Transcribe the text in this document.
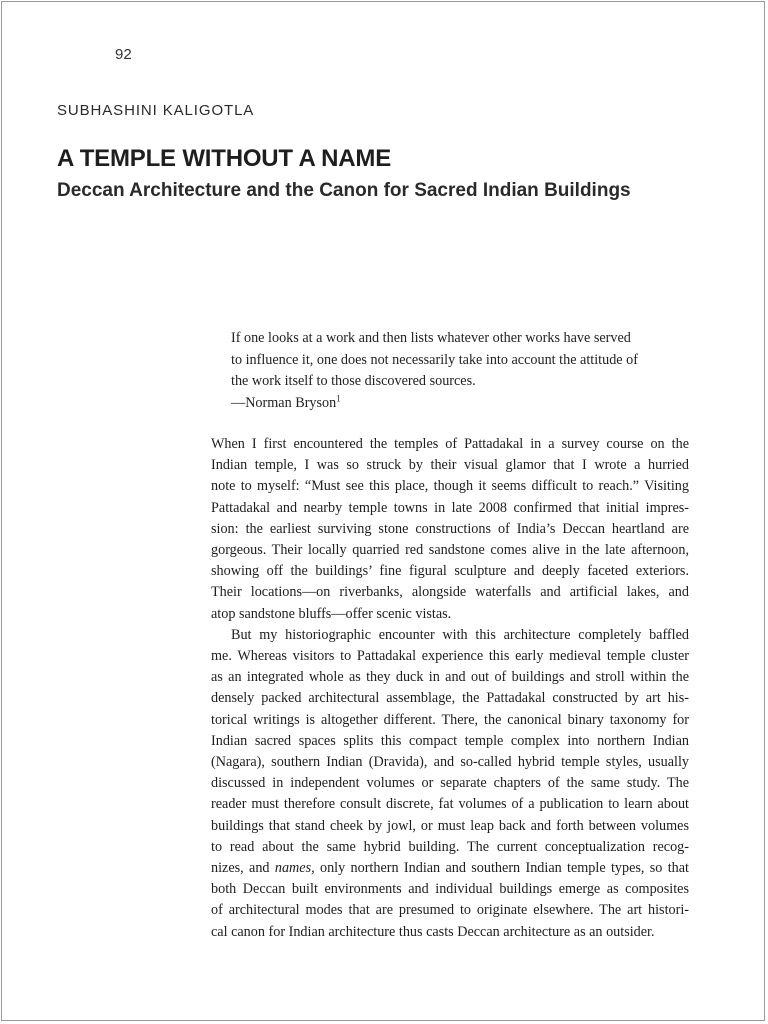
92
SUBHASHINI KALIGOTLA
A TEMPLE WITHOUT A NAME
Deccan Architecture and the Canon for Sacred Indian Buildings
If one looks at a work and then lists whatever other works have served
to influence it, one does not necessarily take into account the attitude of
the work itself to those discovered sources.
—Norman Bryson$^1$
When I first encountered the temples of Pattadakal in a survey course on the
Indian temple, I was so struck by their visual glamor that I wrote a hurried
note to myself: “Must see this place, though it seems difficult to reach.” Visiting
Pattadakal and nearby temple towns in late 2008 confirmed that initial impres-
sion: the earliest surviving stone constructions of India’s Deccan heartland are
gorgeous. Their locally quarried red sandstone comes alive in the late afternoon,
showing off the buildings’ fine figural sculpture and deeply faceted exteriors.
Their locations—on riverbanks, alongside waterfalls and artificial lakes, and
atop sandstone bluffs—offer scenic vistas.
But my historiographic encounter with this architecture completely baffled
me. Whereas visitors to Pattadakal experience this early medieval temple cluster
as an integrated whole as they duck in and out of buildings and stroll within the
densely packed architectural assemblage, the Pattadakal constructed by art his-
torical writings is altogether different. There, the canonical binary taxonomy for
Indian sacred spaces splits this compact temple complex into northern Indian
(Nagara), southern Indian (Dravida), and so-called hybrid temple styles, usually
discussed in independent volumes or separate chapters of the same study. The
reader must therefore consult discrete, fat volumes of a publication to learn about
buildings that stand cheek by jowl, or must leap back and forth between volumes
to read about the same hybrid building. The current conceptualization recog-
nizes, and names, only northern Indian and southern Indian temple types, so that
both Deccan built environments and individual buildings emerge as composites
of architectural modes that are presumed to originate elsewhere. The art histori-
cal canon for Indian architecture thus casts Deccan architecture as an outsider.
